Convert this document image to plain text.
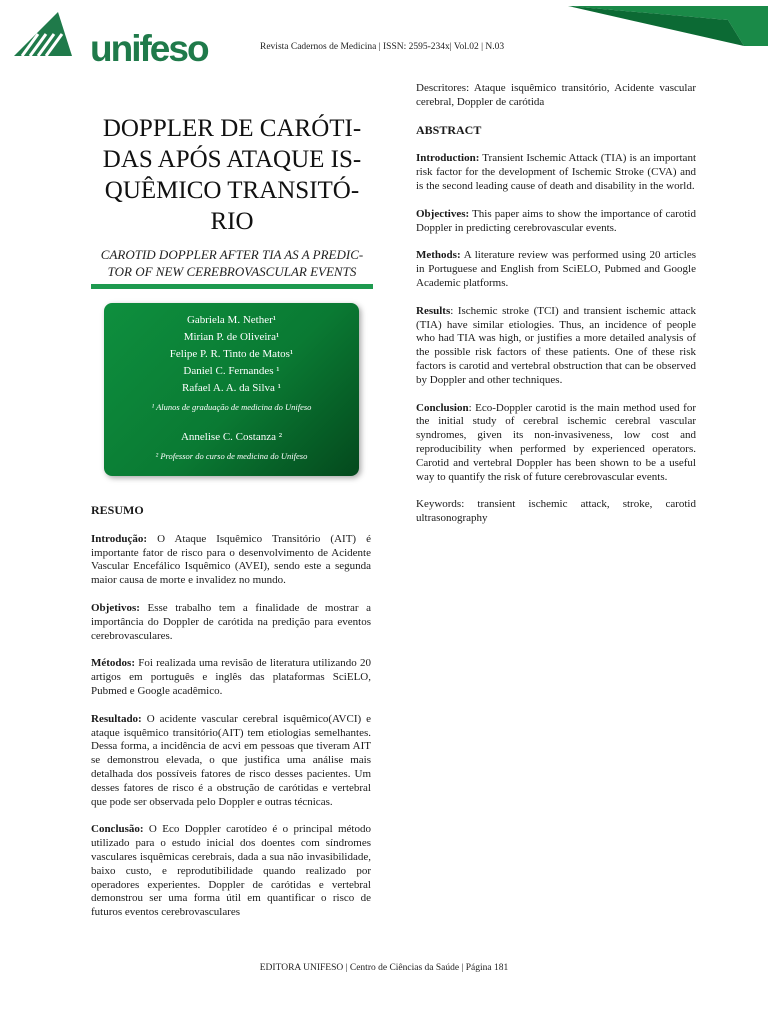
unifeso	Revista Cadernos de Medicina | ISSN: 2595-234x| Vol.02 | N.03
DOPPLER DE CARÓTI-
DAS APÓS ATAQUE IS-
QUÊMICO TRANSITÓ-
RIO
CAROTID DOPPLER AFTER TIA AS A PREDIC-
TOR OF NEW CEREBROVASCULAR EVENTS
Gabriela M. Nether¹
Mirian P. de Oliveira¹
Felipe P. R. Tinto de Matos¹
Daniel C. Fernandes ¹
Rafael A. A. da Silva ¹
¹ Alunos de graduação de medicina do Unifeso
Annelise C. Costanza ²
² Professor do curso de medicina do Unifeso
RESUMO

Introdução: O Ataque Isquêmico Transitório (AIT) é importante fator de risco para o desenvolvimento de Acidente Vascular Encefálico Isquêmico (AVEI), sendo este a segunda maior causa de morte e invalidez no mundo.

Objetivos: Esse trabalho tem a finalidade de mostrar a importância do Doppler de carótida na predição para eventos cerebrovasculares.

Métodos: Foi realizada uma revisão de literatura utilizando 20 artigos em português e inglês das plataformas SciELO, Pubmed e Google acadêmico.

Resultado: O acidente vascular cerebral isquêmico(AVCI) e ataque isquêmico transitório(AIT) tem etiologias semelhantes. Dessa forma, a incidência de acvi em pessoas que tiveram AIT se demonstrou elevada, o que justifica uma análise mais detalhada dos possíveis fatores de risco desses pacientes. Um desses fatores de risco é a obstrução de carótidas e vertebral que pode ser observada pelo Doppler e outras técnicas.

Conclusão: O Eco Doppler carotídeo é o principal método utilizado para o estudo inicial dos doentes com síndromes vasculares isquêmicas cerebrais, dada a sua não invasibilidade, baixo custo, e reprodutibilidade quando realizado por operadores experientes. Doppler de carótidas e vertebral demonstrou ser uma forma útil em quantificar o risco de futuros eventos cerebrovasculares

Descritores: Ataque isquêmico transitório, Acidente vascular cerebral, Doppler de carótida

ABSTRACT

Introduction: Transient Ischemic Attack (TIA) is an important risk factor for the development of Ischemic Stroke (CVA) and is the second leading cause of death and disability in the world.

Objectives: This paper aims to show the importance of carotid Doppler in predicting cerebrovascular events.

Methods: A literature review was performed using 20 articles in Portuguese and English from SciELO, Pubmed and Google Academic platforms.

Results: Ischemic stroke (TCI) and transient ischemic attack (TIA) have similar etiologies. Thus, an incidence of people who had TIA was high, or justifies a more detailed analysis of the possible risk factors of these patients. One of these risk factors is carotid and vertebral obstruction that can be observed by Doppler and other techniques.

Conclusion: Eco-Doppler carotid is the main method used for the initial study of cerebral ischemic cerebral vascular syndromes, given its non-invasiveness, low cost and reproducibility when performed by experienced operators. Carotid and vertebral Doppler has been shown to be a useful way to quantify the risk of future cerebrovascular events.

Keywords: transient ischemic attack, stroke, carotid ultrasonography

EDITORA UNIFESO | Centro de Ciências da Saúde | Página 181
